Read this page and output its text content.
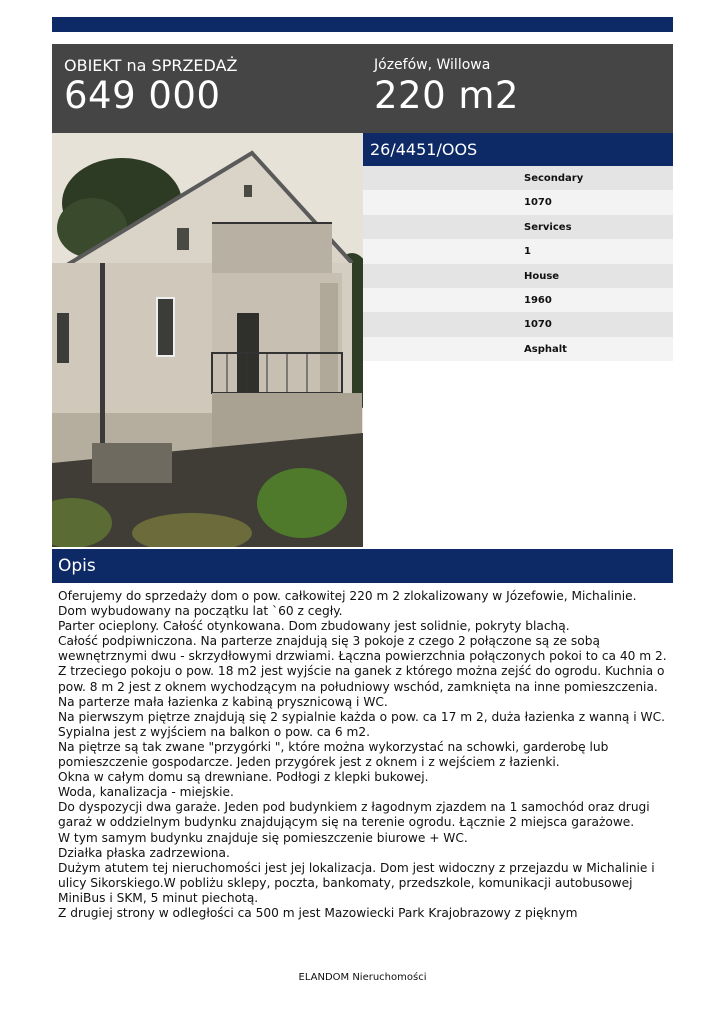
OBIEKT na SPRZEDAŻ
649 000
Józefów, Willowa
220 m2
26/4451/OOS
Secondary
1070
Services
1
House
1960
1070
Asphalt
Opis
Oferujemy do sprzedaży dom o pow. całkowitej 220 m 2 zlokalizowany w Józefowie, Michalinie.
Dom wybudowany na początku lat `60 z cegły.
Parter ocieplony. Całość otynkowana. Dom zbudowany jest solidnie, pokryty blachą.
Całość podpiwniczona. Na parterze znajdują się 3 pokoje z czego 2 połączone są ze sobą
wewnętrznymi dwu - skrzydłowymi drzwiami. Łączna powierzchnia połączonych pokoi to ca 40 m 2.
Z trzeciego pokoju o pow. 18 m2 jest wyjście na ganek z którego można zejść do ogrodu. Kuchnia o
pow. 8 m 2 jest z oknem wychodzącym na południowy wschód, zamknięta na inne pomieszczenia.
Na parterze mała łazienka z kabiną prysznicową i WC.
Na pierwszym piętrze znajdują się 2 sypialnie każda o pow. ca 17 m 2, duża łazienka z wanną i WC.
Sypialna jest z wyjściem na balkon o pow. ca 6 m2.
Na piętrze są tak zwane "przygórki ", które można wykorzystać na schowki, garderobę lub
pomieszczenie gospodarcze. Jeden przygórek jest z oknem i z wejściem z łazienki.
Okna w całym domu są drewniane. Podłogi z klepki bukowej.
Woda, kanalizacja - miejskie.
Do dyspozycji dwa garaże. Jeden pod budynkiem z łagodnym zjazdem na 1 samochód oraz drugi
garaż w oddzielnym budynku znajdującym się na terenie ogrodu. Łącznie 2 miejsca garażowe.
W tym samym budynku znajduje się pomieszczenie biurowe + WC.
Działka płaska zadrzewiona.
Dużym atutem tej nieruchomości jest jej lokalizacja. Dom jest widoczny z przejazdu w Michalinie i
ulicy Sikorskiego.W pobliżu sklepy, poczta, bankomaty, przedszkole, komunikacji autobusowej
MiniBus i SKM, 5 minut piechotą.
Z drugiej strony w odległości ca 500 m jest Mazowiecki Park Krajobrazowy z pięknym
ELANDOM Nieruchomości
